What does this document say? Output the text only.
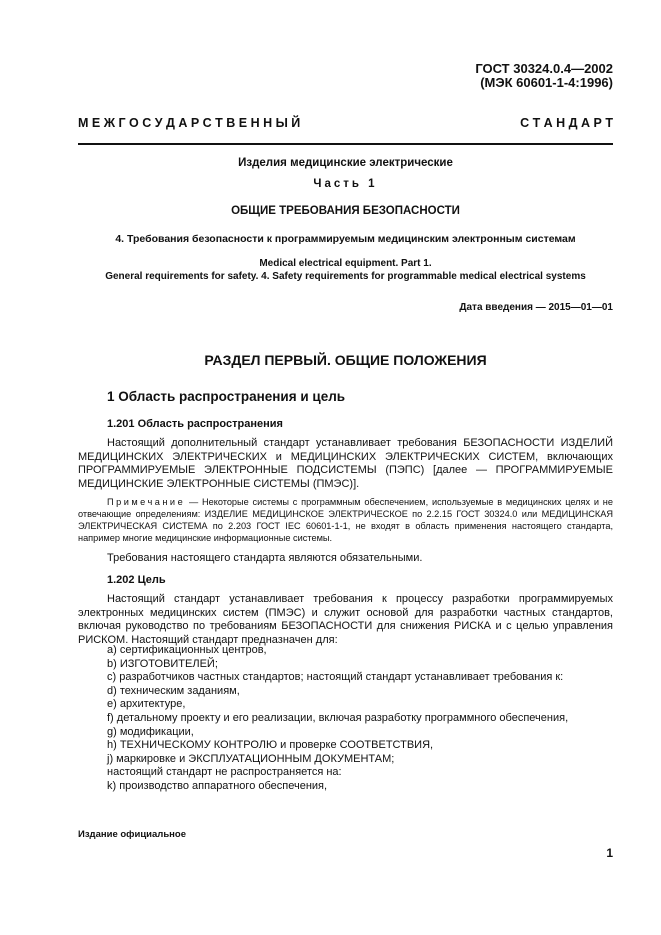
ГОСТ 30324.0.4—2002
(МЭК 60601-1-4:1996)
М Е Ж Г О С У Д А Р С Т В Е Н Н Ы Й	С Т А Н Д А Р Т
Изделия медицинские электрические
Часть 1
ОБЩИЕ ТРЕБОВАНИЯ БЕЗОПАСНОСТИ
4. Требования безопасности к программируемым медицинским электронным системам
Medical electrical equipment. Part 1.
General requirements for safety. 4. Safety requirements for programmable medical electrical systems
Дата введения — 2015—01—01
РАЗДЕЛ ПЕРВЫЙ. ОБЩИЕ ПОЛОЖЕНИЯ
1 Область распространения и цель
1.201 Область распространения
Настоящий дополнительный стандарт устанавливает требования БЕЗОПАСНОСТИ ИЗДЕЛИЙ МЕДИЦИНСКИХ ЭЛЕКТРИЧЕСКИХ и МЕДИЦИНСКИХ ЭЛЕКТРИЧЕСКИХ СИСТЕМ, включающих ПРОГРАММИРУЕМЫЕ ЭЛЕКТРОННЫЕ ПОДСИСТЕМЫ (ПЭПС) [далее — ПРОГРАММИРУЕМЫЕ МЕДИЦИНСКИЕ ЭЛЕКТРОННЫЕ СИСТЕМЫ (ПМЭС)].
Примечание — Некоторые системы с программным обеспечением, используемые в медицинских целях и не отвечающие определениям: ИЗДЕЛИЕ МЕДИЦИНСКОЕ ЭЛЕКТРИЧЕСКОЕ по 2.2.15 ГОСТ 30324.0 или МЕДИЦИНСКАЯ ЭЛЕКТРИЧЕСКАЯ СИСТЕМА по 2.203 ГОСТ IEC 60601-1-1, не входят в область применения настоящего стандарта, например многие медицинские информационные системы.
Требования настоящего стандарта являются обязательными.
1.202 Цель
Настоящий стандарт устанавливает требования к процессу разработки программируемых электронных медицинских систем (ПМЭС) и служит основой для разработки частных стандартов, включая руководство по требованиям БЕЗОПАСНОСТИ для снижения РИСКА и с целью управления РИСКОМ. Настоящий стандарт предназначен для:
а) сертификационных центров,
b) ИЗГОТОВИТЕЛЕЙ;
с) разработчиков частных стандартов; настоящий стандарт устанавливает требования к:
d) техническим заданиям,
е) архитектуре,
f) детальному проекту и его реализации, включая разработку программного обеспечения,
g) модификации,
h) ТЕХНИЧЕСКОМУ КОНТРОЛЮ и проверке СООТВЕТСТВИЯ,
j) маркировке и ЭКСПЛУАТАЦИОННЫМ ДОКУМЕНТАМ;
настоящий стандарт не распространяется на:
k) производство аппаратного обеспечения,
Издание официальное
1
